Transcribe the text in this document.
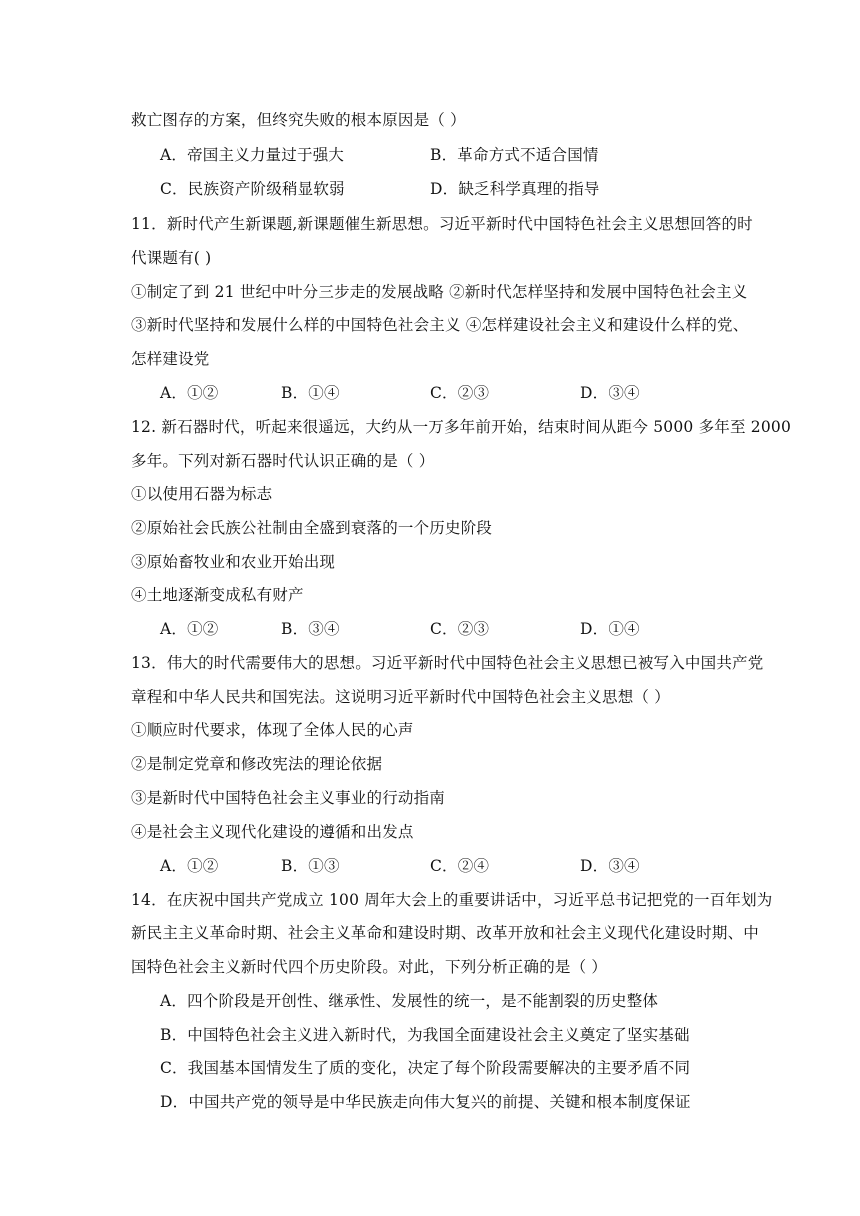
救亡图存的方案，但终究失败的根本原因是（ ）
A．帝国主义力量过于强大	B．革命方式不适合国情
C．民族资产阶级稍显软弱	D．缺乏科学真理的指导
11．新时代产生新课题,新课题催生新思想。习近平新时代中国特色社会主义思想回答的时
代课题有( )
①制定了到 21 世纪中叶分三步走的发展战略 ②新时代怎样坚持和发展中国特色社会主义
③新时代坚持和发展什么样的中国特色社会主义 ④怎样建设社会主义和建设什么样的党、
怎样建设党
A．①②	B．①④	C．②③	D．③④
12. 新石器时代，听起来很遥远，大约从一万多年前开始，结束时间从距今 5000 多年至 2000
多年。下列对新石器时代认识正确的是（ ）
①以使用石器为标志
②原始社会氏族公社制由全盛到衰落的一个历史阶段
③原始畜牧业和农业开始出现
④土地逐渐变成私有财产
A．①②	B．③④	C．②③	D．①④
13．伟大的时代需要伟大的思想。习近平新时代中国特色社会主义思想已被写入中国共产党
章程和中华人民共和国宪法。这说明习近平新时代中国特色社会主义思想（ ）
①顺应时代要求，体现了全体人民的心声
②是制定党章和修改宪法的理论依据
③是新时代中国特色社会主义事业的行动指南
④是社会主义现代化建设的遵循和出发点
A．①②	B．①③	C．②④	D．③④
14．在庆祝中国共产党成立 100 周年大会上的重要讲话中，习近平总书记把党的一百年划为
新民主主义革命时期、社会主义革命和建设时期、改革开放和社会主义现代化建设时期、中
国特色社会主义新时代四个历史阶段。对此，下列分析正确的是（ ）
A．四个阶段是开创性、继承性、发展性的统一，是不能割裂的历史整体
B．中国特色社会主义进入新时代，为我国全面建设社会主义奠定了坚实基础
C．我国基本国情发生了质的变化，决定了每个阶段需要解决的主要矛盾不同
D．中国共产党的领导是中华民族走向伟大复兴的前提、关键和根本制度保证
